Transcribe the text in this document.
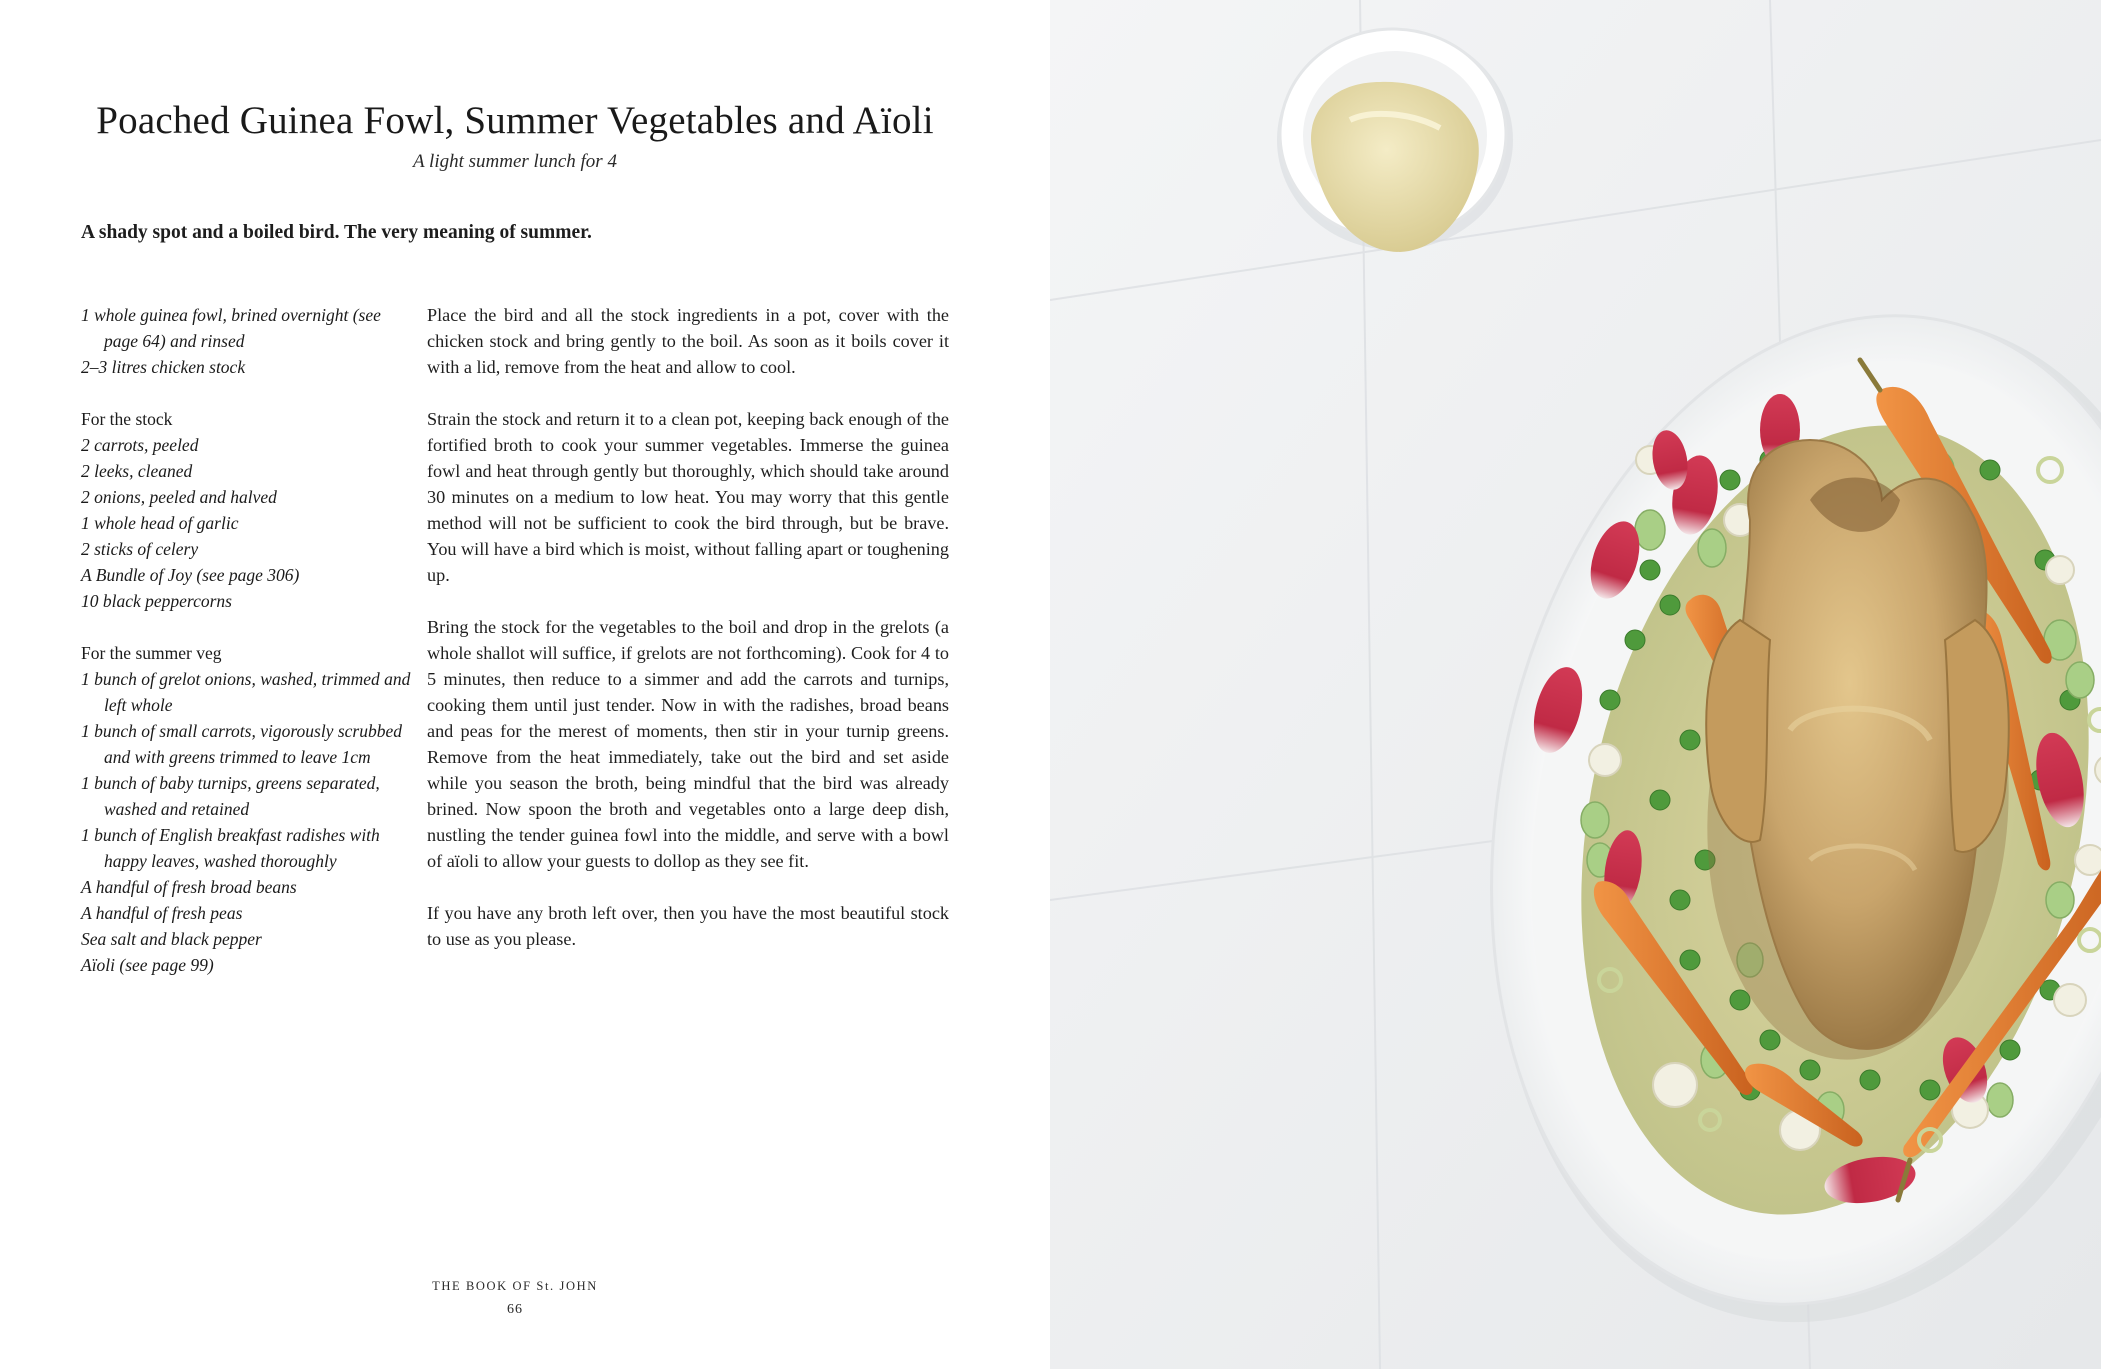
Poached Guinea Fowl, Summer Vegetables and Aïoli
A light summer lunch for 4
A shady spot and a boiled bird. The very meaning of summer.
1 whole guinea fowl, brined overnight (see page 64) and rinsed
2–3 litres chicken stock
For the stock
2 carrots, peeled
2 leeks, cleaned
2 onions, peeled and halved
1 whole head of garlic
2 sticks of celery
A Bundle of Joy (see page 306)
10 black peppercorns
For the summer veg
1 bunch of grelot onions, washed, trimmed and left whole
1 bunch of small carrots, vigorously scrubbed and with greens trimmed to leave 1cm
1 bunch of baby turnips, greens separated, washed and retained
1 bunch of English breakfast radishes with happy leaves, washed thoroughly
A handful of fresh broad beans
A handful of fresh peas
Sea salt and black pepper
Aïoli (see page 99)

Place the bird and all the stock ingredients in a pot, cover with the chicken stock and bring gently to the boil. As soon as it boils cover it with a lid, remove from the heat and allow to cool.

Strain the stock and return it to a clean pot, keeping back enough of the fortified broth to cook your summer vegetables. Immerse the guinea fowl and heat through gently but thoroughly, which should take around 30 minutes on a medium to low heat. You may worry that this gentle method will not be sufficient to cook the bird through, but be brave. You will have a bird which is moist, without falling apart or toughening up.

Bring the stock for the vegetables to the boil and drop in the grelots (a whole shallot will suffice, if grelots are not forthcoming). Cook for 4 to 5 minutes, then reduce to a simmer and add the carrots and turnips, cooking them until just tender. Now in with the radishes, broad beans and peas for the merest of moments, then stir in your turnip greens. Remove from the heat immediately, take out the bird and set aside while you season the broth, being mindful that the bird was already brined. Now spoon the broth and vegetables onto a large deep dish, nustling the tender guinea fowl into the middle, and serve with a bowl of aïoli to allow your guests to dollop as they see fit.

If you have any broth left over, then you have the most beautiful stock to use as you please.

THE BOOK OF St. JOHN
66
